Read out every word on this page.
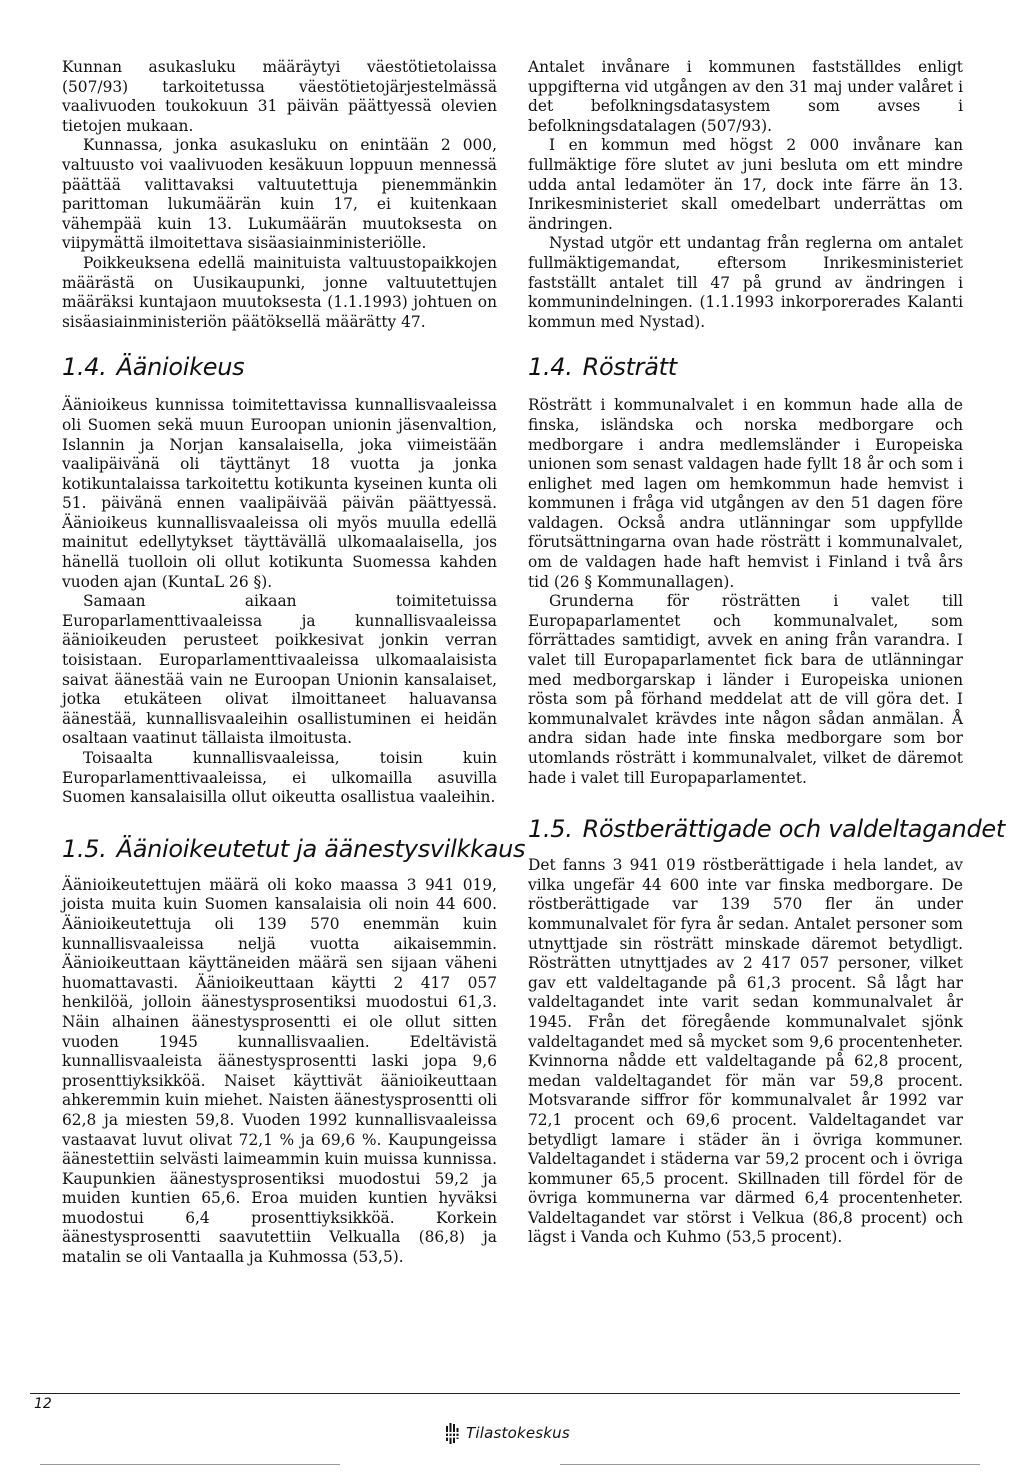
Kunnan asukasluku määräytyi väestötietolaissa (507/93) tarkoitetussa väestötietojärjestelmässä vaalivuoden toukokuun 31 päivän päättyessä olevien tietojen mukaan.

Kunnassa, jonka asukasluku on enintään 2 000, valtuusto voi vaalivuoden kesäkuun loppuun mennessä päättää valittavaksi valtuutettuja pienemmänkin parittoman lukumäärän kuin 17, ei kuitenkaan vähempää kuin 13. Lukumäärän muutoksesta on viipymättä ilmoitettava sisäasiainministeriölle.

Poikkeuksena edellä mainituista valtuustopaikkojen määrästä on Uusikaupunki, jonne valtuutettujen määräksi kuntajaon muutoksesta (1.1.1993) johtuen on sisäasiainministeriön päätöksellä määrätty 47.

1.4. Äänioikeus

Äänioikeus kunnissa toimitettavissa kunnallisvaaleissa oli Suomen sekä muun Euroopan unionin jäsenvaltion, Islannin ja Norjan kansalaisella, joka viimeistään vaalipäivänä oli täyttänyt 18 vuotta ja jonka kotikuntalaissa tarkoitettu kotikunta kyseinen kunta oli 51. päivänä ennen vaalipäivää päivän päättyessä. Äänioikeus kunnallisvaaleissa oli myös muulla edellä mainitut edellytykset täyttävällä ulkomaalaisella, jos hänellä tuolloin oli ollut kotikunta Suomessa kahden vuoden ajan (KuntaL 26 §).

Samaan aikaan toimitetuissa Europarlamenttivaaleissa ja kunnallisvaaleissa äänioikeuden perusteet poikkesivat jonkin verran toisistaan. Europarlamenttivaaleissa ulkomaalaisista saivat äänestää vain ne Euroopan Unionin kansalaiset, jotka etukäteen olivat ilmoittaneet haluavansa äänestää, kunnallisvaaleihin osallistuminen ei heidän osaltaan vaatinut tällaista ilmoitusta.

Toisaalta kunnallisvaaleissa, toisin kuin Europarlamenttivaaleissa, ei ulkomailla asuvilla Suomen kansalaisilla ollut oikeutta osallistua vaaleihin.

1.5. Äänioikeutetut ja äänestysvilkkaus

Äänioikeutettujen määrä oli koko maassa 3 941 019, joista muita kuin Suomen kansalaisia oli noin 44 600. Äänioikeutettuja oli 139 570 enemmän kuin kunnallisvaaleissa neljä vuotta aikaisemmin. Äänioikeuttaan käyttäneiden määrä sen sijaan väheni huomattavasti. Äänioikeuttaan käytti 2 417 057 henkilöä, jolloin äänestysprosentiksi muodostui 61,3. Näin alhainen äänestysprosentti ei ole ollut sitten vuoden 1945 kunnallisvaalien. Edeltävistä kunnallisvaaleista äänestysprosentti laski jopa 9,6 prosenttiyksikköä. Naiset käyttivät äänioikeuttaan ahkeremmin kuin miehet. Naisten äänestysprosentti oli 62,8 ja miesten 59,8. Vuoden 1992 kunnallisvaaleissa vastaavat luvut olivat 72,1 % ja 69,6 %. Kaupungeissa äänestettiin selvästi laimeammin kuin muissa kunnissa. Kaupunkien äänestysprosentiksi muodostui 59,2 ja muiden kuntien 65,6. Eroa muiden kuntien hyväksi muodostui 6,4 prosenttiyksikköä. Korkein äänestysprosentti saavutettiin Velkualla (86,8) ja matalin se oli Vantaalla ja Kuhmossa (53,5).

Antalet invånare i kommunen fastställdes enligt uppgifterna vid utgången av den 31 maj under valåret i det befolkningsdatasystem som avses i befolkningsdatalagen (507/93).

I en kommun med högst 2 000 invånare kan fullmäktige före slutet av juni besluta om ett mindre udda antal ledamöter än 17, dock inte färre än 13. Inrikesministeriet skall omedelbart underrättas om ändringen.

Nystad utgör ett undantag från reglerna om antalet fullmäktigemandat, eftersom Inrikesministeriet fastställt antalet till 47 på grund av ändringen i kommunindelningen. (1.1.1993 inkorporerades Kalanti kommun med Nystad).

1.4. Rösträtt

Rösträtt i kommunalvalet i en kommun hade alla de finska, isländska och norska medborgare och medborgare i andra medlemsländer i Europeiska unionen som senast valdagen hade fyllt 18 år och som i enlighet med lagen om hemkommun hade hemvist i kommunen i fråga vid utgången av den 51 dagen före valdagen. Också andra utlänningar som uppfyllde förutsättningarna ovan hade rösträtt i kommunalvalet, om de valdagen hade haft hemvist i Finland i två års tid (26 § Kommunallagen).

Grunderna för rösträtten i valet till Europaparlamentet och kommunalvalet, som förrättades samtidigt, avvek en aning från varandra. I valet till Europaparlamentet fick bara de utlänningar med medborgarskap i länder i Europeiska unionen rösta som på förhand meddelat att de vill göra det. I kommunalvalet krävdes inte någon sådan anmälan. Å andra sidan hade inte finska medborgare som bor utomlands rösträtt i kommunalvalet, vilket de däremot hade i valet till Europaparlamentet.

1.5. Röstberättigade och valdeltagandet

Det fanns 3 941 019 röstberättigade i hela landet, av vilka ungefär 44 600 inte var finska medborgare. De röstberättigade var 139 570 fler än under kommunalvalet för fyra år sedan. Antalet personer som utnyttjade sin rösträtt minskade däremot betydligt. Rösträtten utnyttjades av 2 417 057 personer, vilket gav ett valdeltagande på 61,3 procent. Så lågt har valdeltagandet inte varit sedan kommunalvalet år 1945. Från det föregående kommunalvalet sjönk valdeltagandet med så mycket som 9,6 procentenheter. Kvinnorna nådde ett valdeltagande på 62,8 procent, medan valdeltagandet för män var 59,8 procent. Motsvarande siffror för kommunalvalet år 1992 var 72,1 procent och 69,6 procent. Valdeltagandet var betydligt lamare i städer än i övriga kommuner. Valdeltagandet i städerna var 59,2 procent och i övriga kommuner 65,5 procent. Skillnaden till fördel för de övriga kommunerna var därmed 6,4 procentenheter. Valdeltagandet var störst i Velkua (86,8 procent) och lägst i Vanda och Kuhmo (53,5 procent).

12
Tilastokeskus
